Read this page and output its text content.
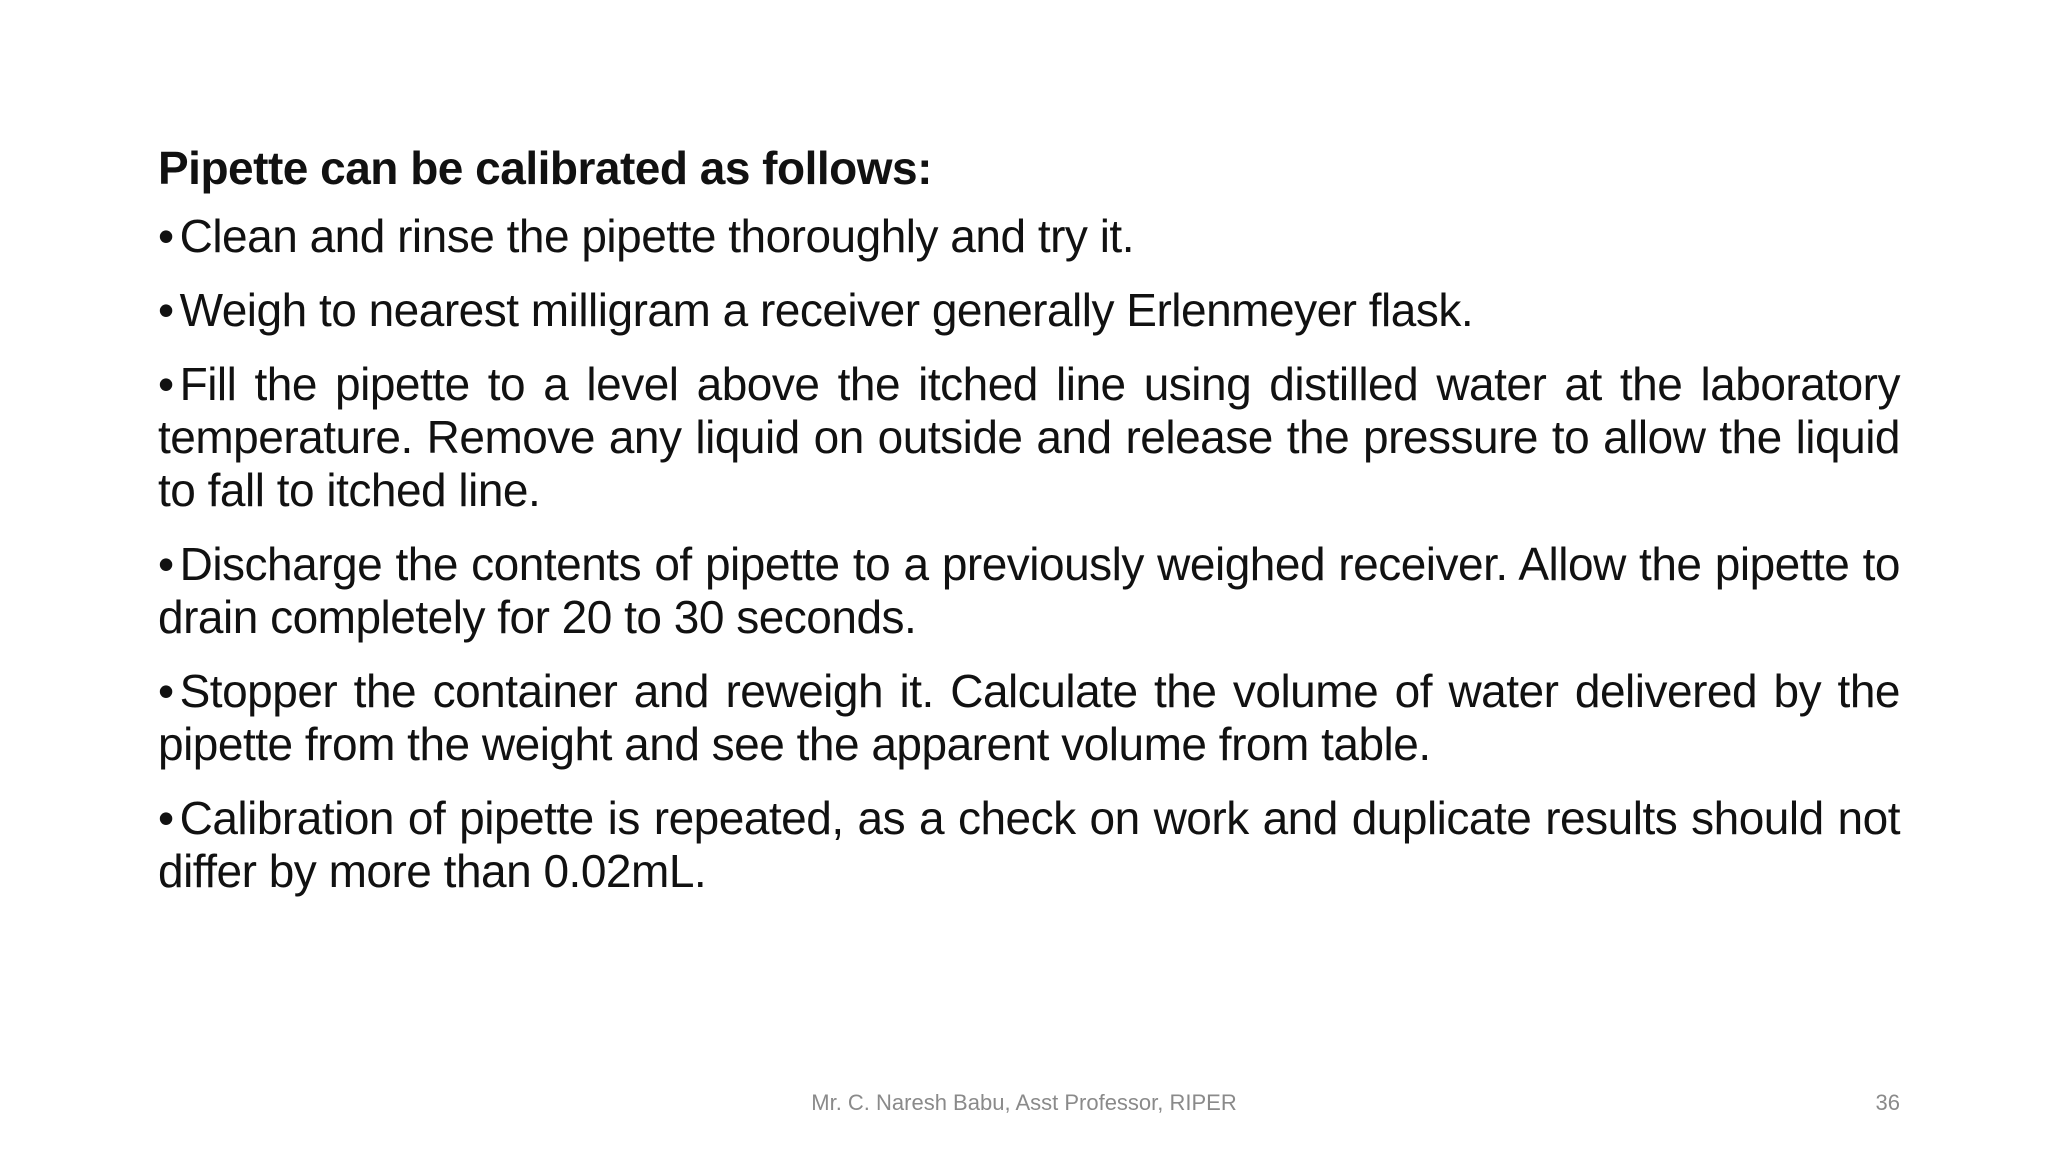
Pipette can be calibrated as follows:
• Clean and rinse the pipette thoroughly and try it.
• Weigh to nearest milligram a receiver generally Erlenmeyer flask.
• Fill the pipette to a level above the itched line using distilled water at the laboratory temperature. Remove any liquid on outside and release the pressure to allow the liquid to fall to itched line.
• Discharge the contents of pipette to a previously weighed receiver. Allow the pipette to drain completely for 20 to 30 seconds.
• Stopper the container and reweigh it. Calculate the volume of water delivered by the pipette from the weight and see the apparent volume from table.
• Calibration of pipette is repeated, as a check on work and duplicate results should not differ by more than 0.02mL.
Mr. C. Naresh Babu, Asst Professor, RIPER	36
